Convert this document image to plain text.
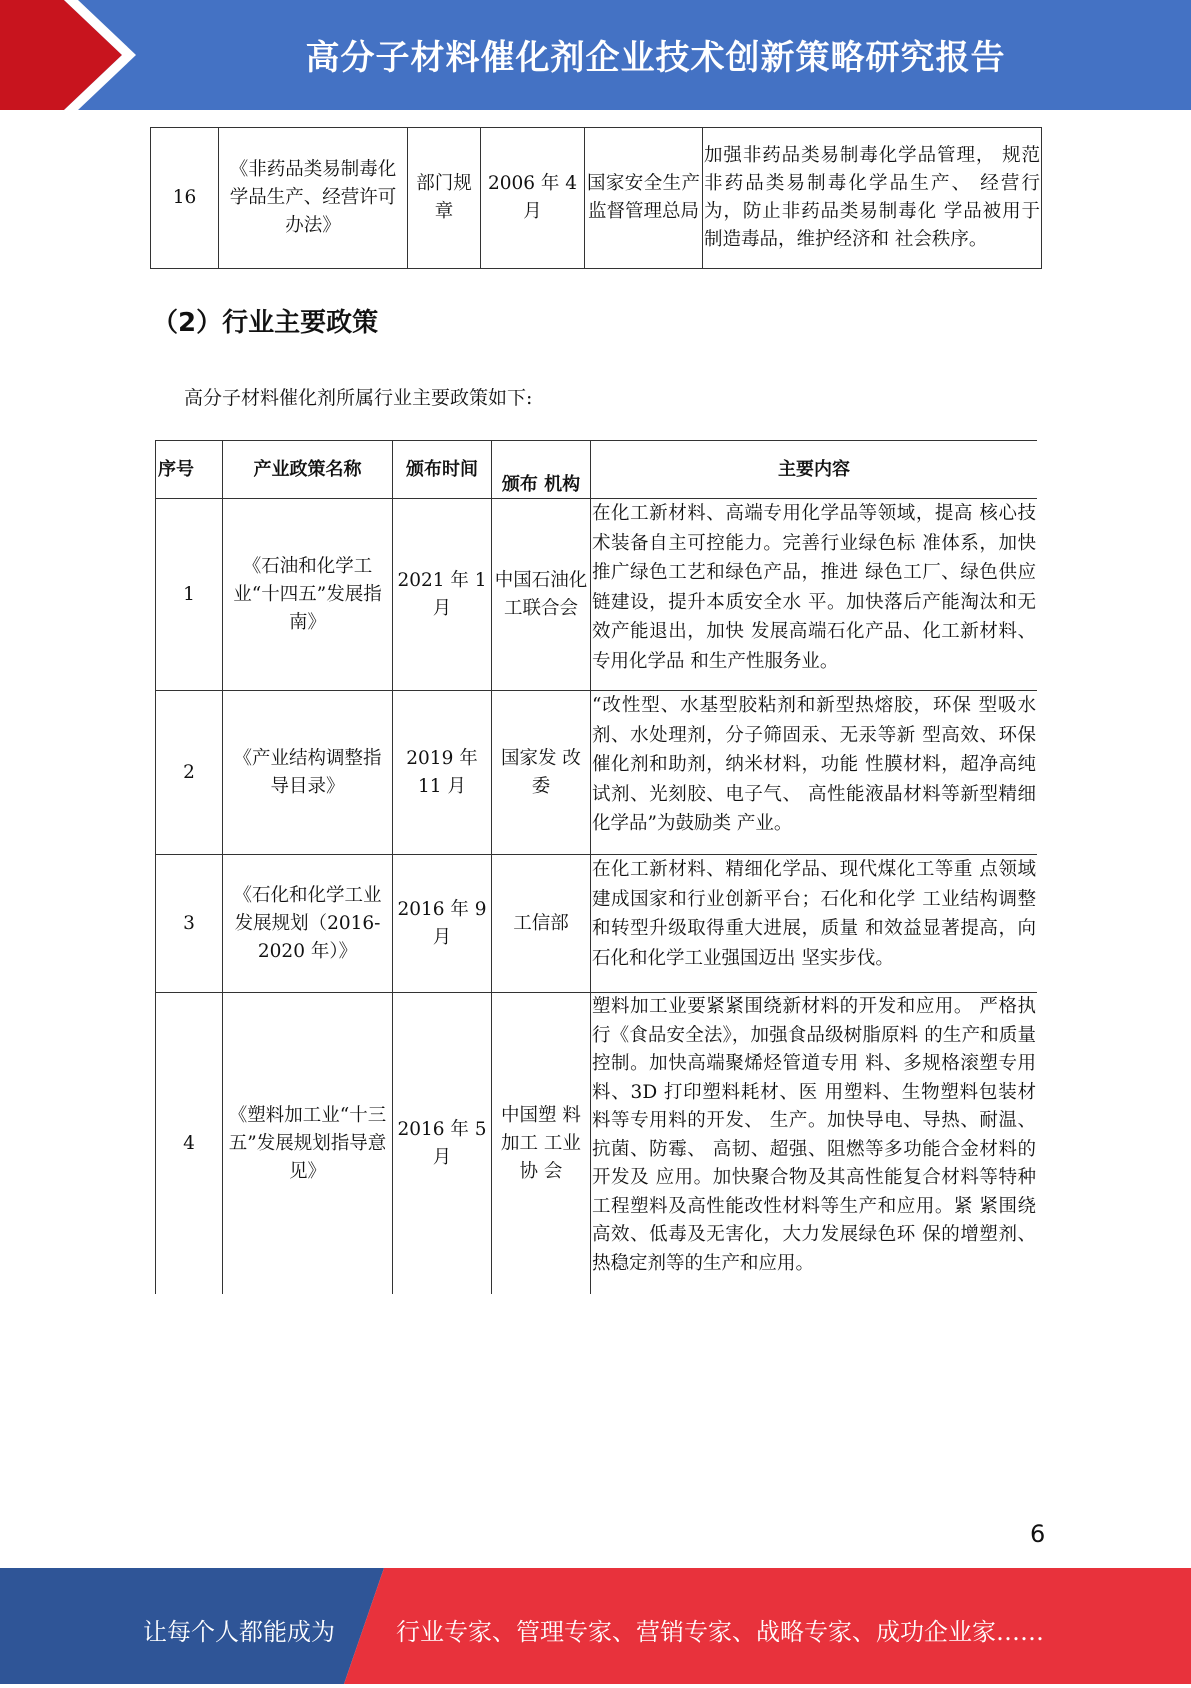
高分子材料催化剂企业技术创新策略研究报告
16	《非药品类易制毒化学品生产、经营许可办法》	部门规章	2006 年 4 月	国家安全生产监督管理总局	加强非药品类易制毒化学品管理， 规范非药品类易制毒化学品生产、 经营行为，防止非药品类易制毒化 学品被用于制造毒品，维护经济和 社会秩序。
（2）行业主要政策
高分子材料催化剂所属行业主要政策如下:
序号	产业政策名称	颁布时间	颁布 机构	主要内容
1	《石油和化学工业“十四五”发展指南》	2021 年 1 月	中国石油化工联合会	在化工新材料、高端专用化学品等领域，提高 核心技术装备自主可控能力。完善行业绿色标 准体系，加快推广绿色工艺和绿色产品，推进 绿色工厂、绿色供应链建设，提升本质安全水 平。加快落后产能淘汰和无效产能退出，加快 发展高端石化产品、化工新材料、专用化学品 和生产性服务业。
2	《产业结构调整指导目录》	2019 年 11 月	国家发 改委	“改性型、水基型胶粘剂和新型热熔胶，环保 型吸水剂、水处理剂，分子筛固汞、无汞等新 型高效、环保催化剂和助剂，纳米材料，功能 性膜材料，超净高纯试剂、光刻胶、电子气、 高性能液晶材料等新型精细化学品”为鼓励类 产业。
3	《石化和化学工业发展规划（2016-2020 年）》	2016 年 9 月	工信部	在化工新材料、精细化学品、现代煤化工等重 点领域建成国家和行业创新平台；石化和化学 工业结构调整和转型升级取得重大进展，质量 和效益显著提高，向石化和化学工业强国迈出 坚实步伐。
4	《塑料加工业“十三五”发展规划指导意见》	2016 年 5 月	中国塑 料加工 工业协 会	塑料加工业要紧紧围绕新材料的开发和应用。 严格执行《食品安全法》，加强食品级树脂原料 的生产和质量控制。加快高端聚烯烃管道专用 料、多规格滚塑专用料、3D 打印塑料耗材、医 用塑料、生物塑料包装材料等专用料的开发、 生产。加快导电、导热、耐温、抗菌、防霉、 高韧、超强、阻燃等多功能合金材料的开发及 应用。加快聚合物及其高性能复合材料等特种 工程塑料及高性能改性材料等生产和应用。紧 紧围绕高效、低毒及无害化，大力发展绿色环 保的增塑剂、热稳定剂等的生产和应用。
6
让每个人都能成为	行业专家、管理专家、营销专家、战略专家、成功企业家……
